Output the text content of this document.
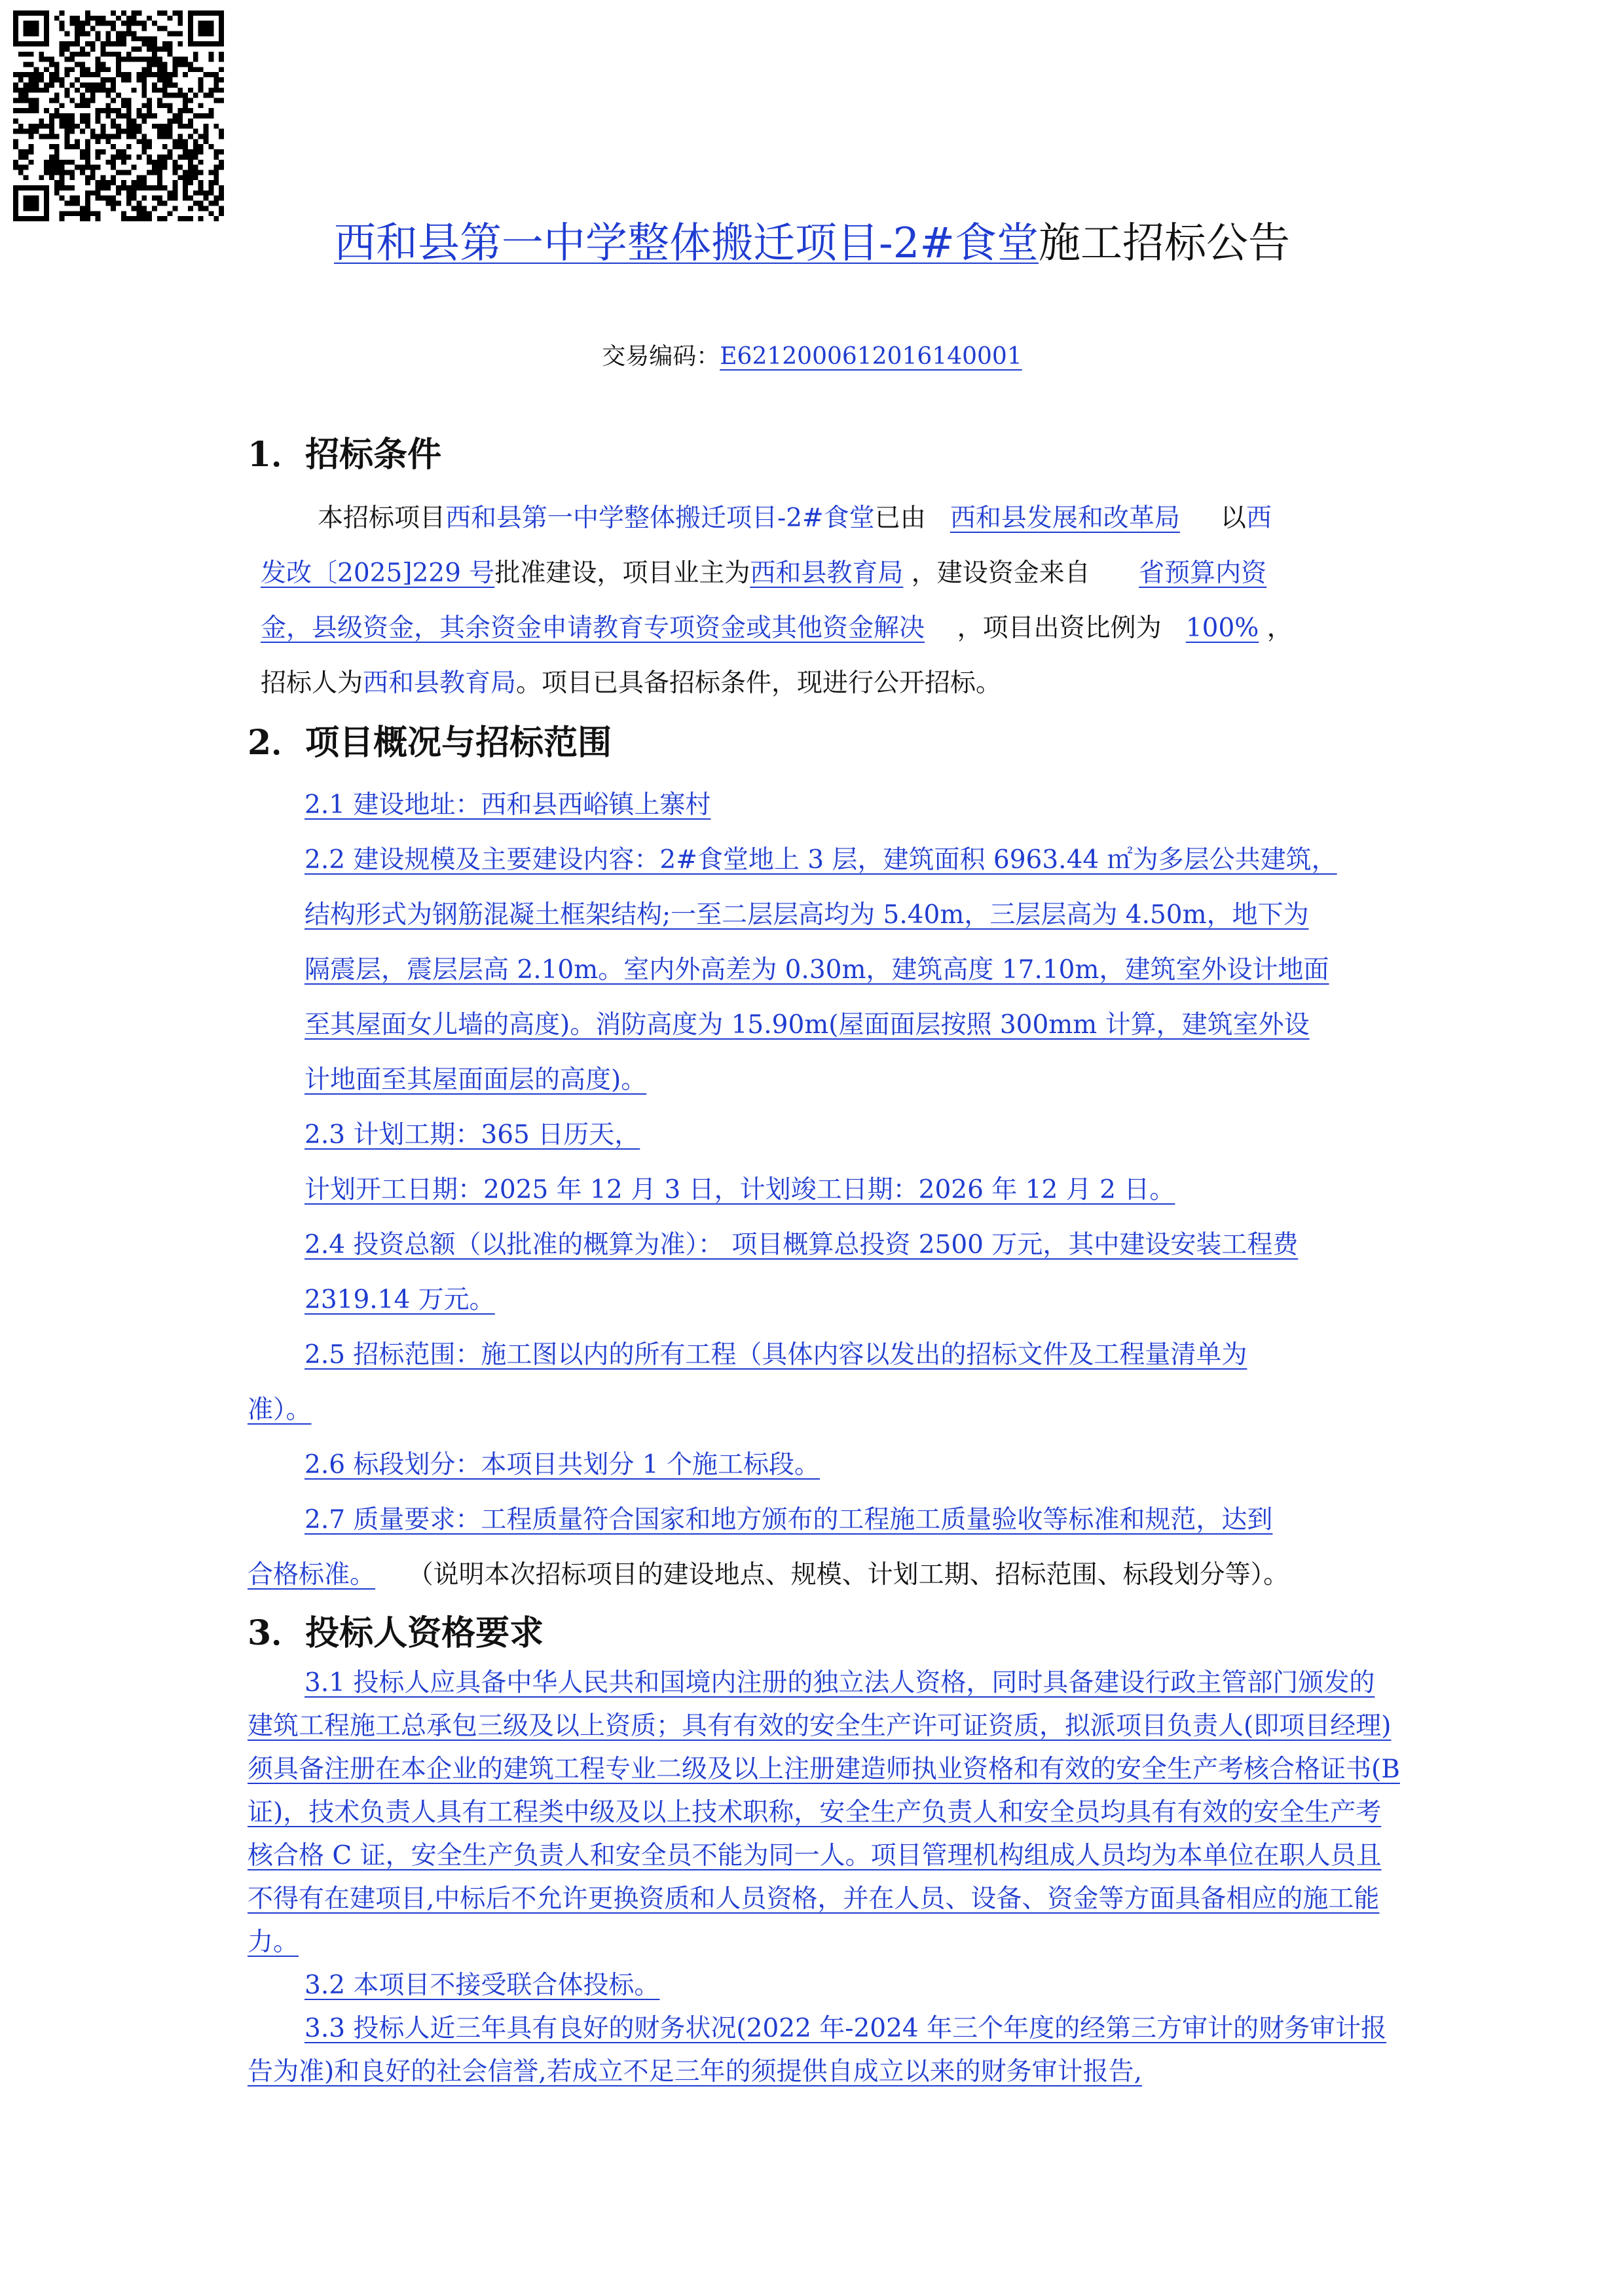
西和县第一中学整体搬迁项目-2#食堂施工招标公告
交易编码：E6212000612016140001
1．招标条件
本招标项目西和县第一中学整体搬迁项目-2#食堂已由 西和县发展和改革局 以西
发改〔2025]229 号批准建设，项目业主为西和县教育局 ，建设资金来自 省预算内资
金，县级资金，其余资金申请教育专项资金或其他资金解决 ，项目出资比例为 100% ，
招标人为西和县教育局。项目已具备招标条件，现进行公开招标。
2．项目概况与招标范围
2.1 建设地址：西和县西峪镇上寨村
2.2 建设规模及主要建设内容：2#食堂地上 3 层，建筑面积 6963.44 ㎡为多层公共建筑，
结构形式为钢筋混凝土框架结构;一至二层层高均为 5.40m，三层层高为 4.50m，地下为
隔震层，震层层高 2.10m。室内外高差为 0.30m，建筑高度 17.10m，建筑室外设计地面
至其屋面女儿墙的高度)。消防高度为 15.90m(屋面面层按照 300mm 计算，建筑室外设
计地面至其屋面面层的高度)。
2.3 计划工期：365 日历天，
计划开工日期：2025 年 12 月 3 日，计划竣工日期：2026 年 12 月 2 日。
2.4 投资总额（以批准的概算为准）： 项目概算总投资 2500 万元，其中建设安装工程费
2319.14 万元。
2.5 招标范围：施工图以内的所有工程（具体内容以发出的招标文件及工程量清单为
准）。
2.6 标段划分：本项目共划分 1 个施工标段。
2.7 质量要求：工程质量符合国家和地方颁布的工程施工质量验收等标准和规范，达到
合格标准。 （说明本次招标项目的建设地点、规模、计划工期、招标范围、标段划分等）。
3．投标人资格要求
3.1 投标人应具备中华人民共和国境内注册的独立法人资格，同时具备建设行政主管部门颁发的建筑工程施工总承包三级及以上资质；具有有效的安全生产许可证资质，拟派项目负责人(即项目经理)须具备注册在本企业的建筑工程专业二级及以上注册建造师执业资格和有效的安全生产考核合格证书(B 证)，技术负责人具有工程类中级及以上技术职称，安全生产负责人和安全员均具有有效的安全生产考核合格 C 证，安全生产负责人和安全员不能为同一人。项目管理机构组成人员均为本单位在职人员且不得有在建项目,中标后不允许更换资质和人员资格，并在人员、设备、资金等方面具备相应的施工能力。
3.2 本项目不接受联合体投标。
3.3 投标人近三年具有良好的财务状况(2022 年-2024 年三个年度的经第三方审计的财务审计报告为准)和良好的社会信誉,若成立不足三年的须提供自成立以来的财务审计报告,
